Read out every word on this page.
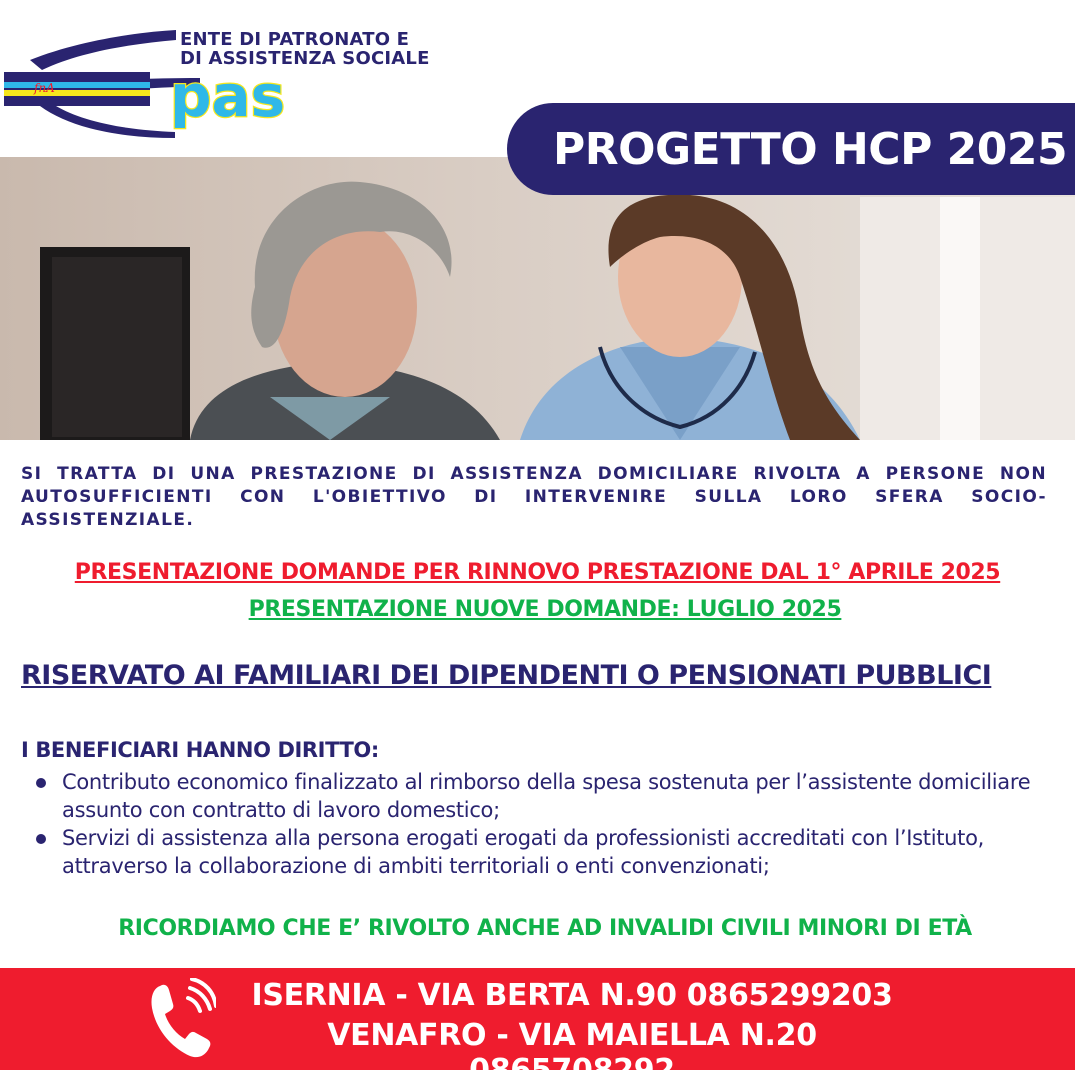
pas
fnA
ENTE DI PATRONATO E
DI ASSISTENZA SOCIALE
PROGETTO HCP 2025

SI TRATTA DI UNA PRESTAZIONE DI ASSISTENZA DOMICILIARE RIVOLTA A PERSONE NON AUTOSUFFICIENTI CON L'OBIETTIVO DI INTERVENIRE SULLA LORO SFERA SOCIO-ASSISTENZIALE.

PRESENTAZIONE DOMANDE PER RINNOVO PRESTAZIONE DAL 1° APRILE 2025
PRESENTAZIONE NUOVE DOMANDE: LUGLIO 2025
RISERVATO AI FAMILIARI DEI DIPENDENTI O PENSIONATI PUBBLICI
I BENEFICIARI HANNO DIRITTO:
Contributo economico finalizzato al rimborso della spesa sostenuta per l’assistente domiciliare assunto con contratto di lavoro domestico;
Servizi di assistenza alla persona erogati erogati da professionisti accreditati con l’Istituto, attraverso la collaborazione di ambiti territoriali o enti convenzionati;
RICORDIAMO CHE E’ RIVOLTO ANCHE AD INVALIDI CIVILI MINORI DI ETÀ
ISERNIA - VIA BERTA N.90 0865299203
VENAFRO - VIA MAIELLA N.20 0865708292
